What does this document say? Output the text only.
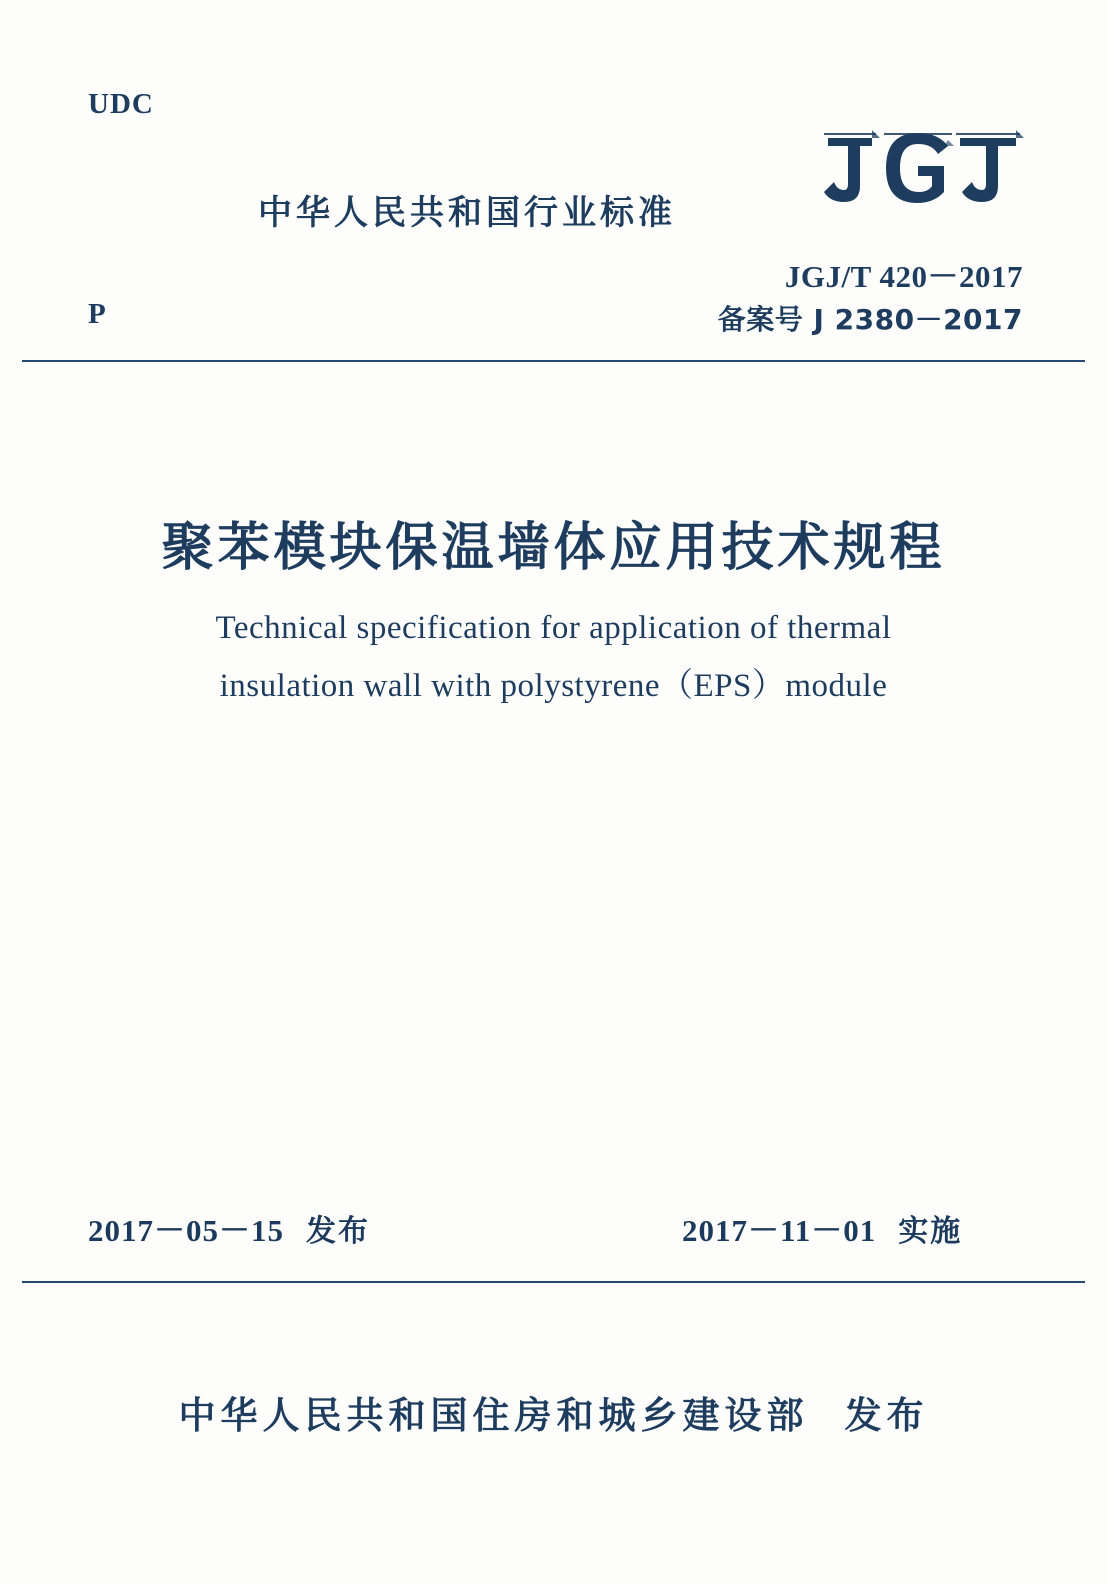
UDC
P
中华人民共和国行业标准
JGJ/T 420－2017
备案号 J 2380－2017
聚苯模块保温墙体应用技术规程
Technical specification for application of thermal
insulation wall with polystyrene（EPS）module
2017－05－15 发布	2017－11－01 实施
中华人民共和国住房和城乡建设部 发布
